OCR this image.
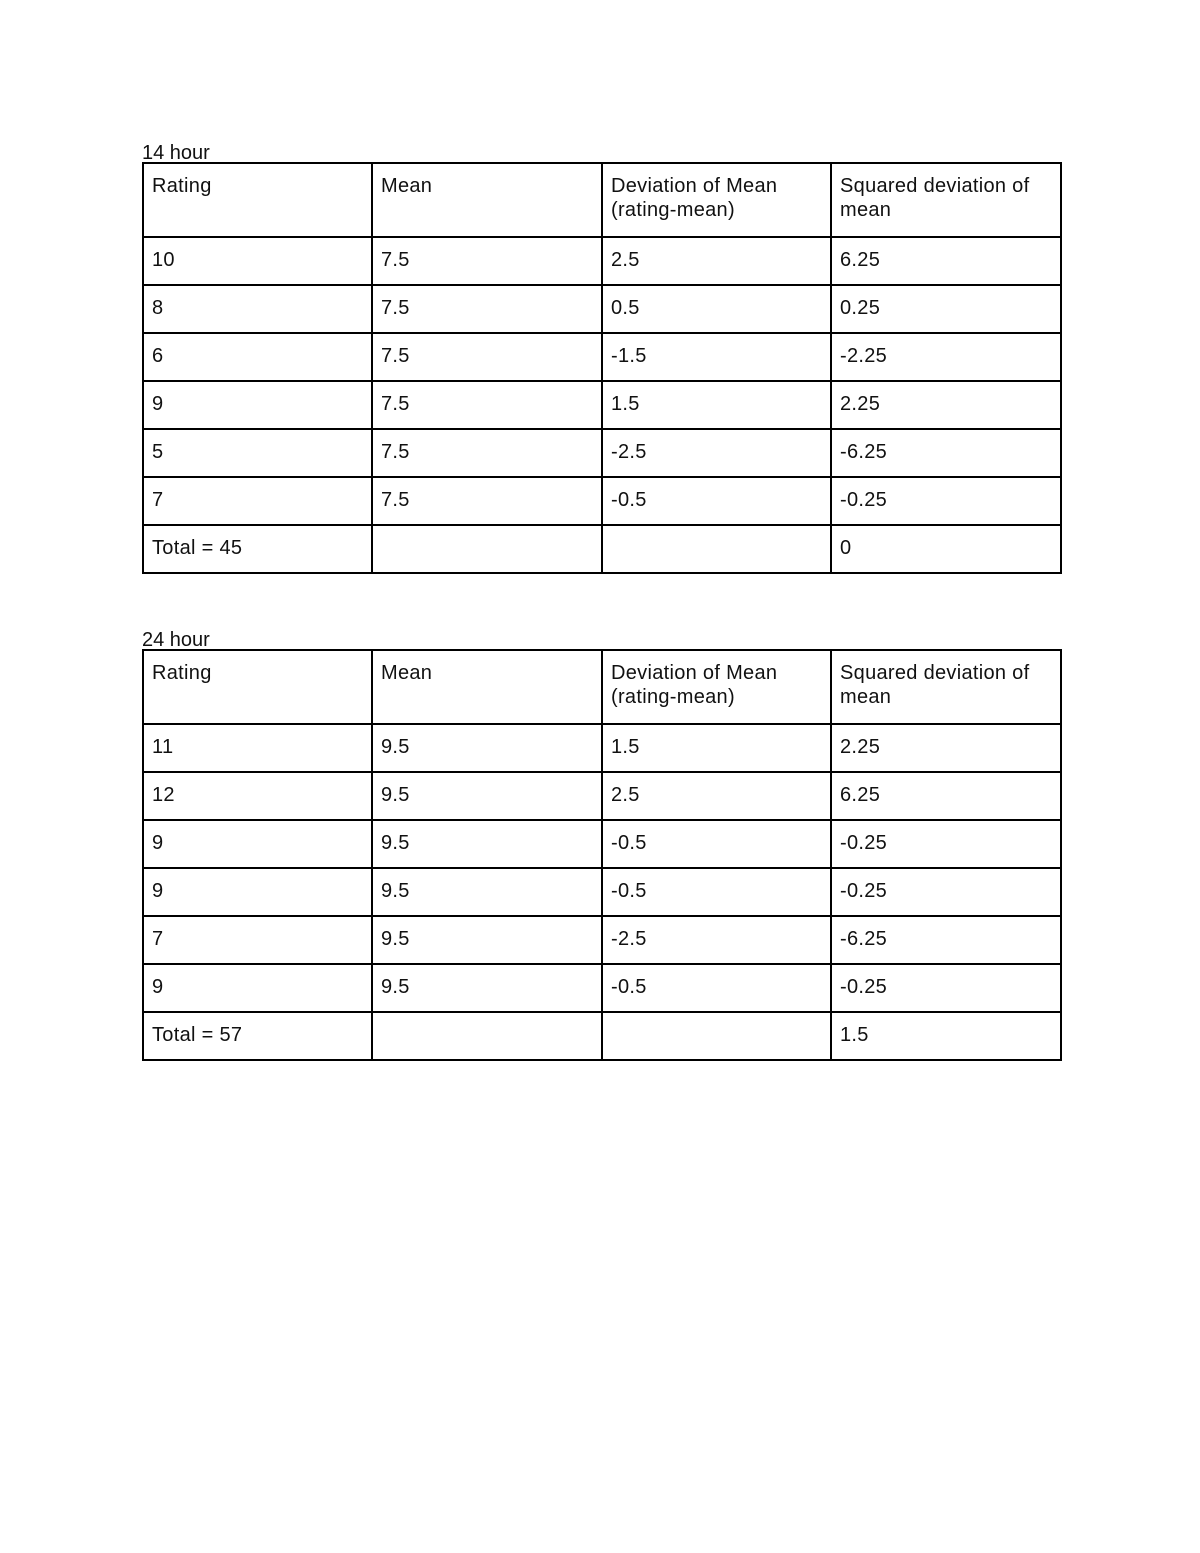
14 hour
Rating	Mean	Deviation of Mean (rating-mean)	Squared deviation of mean
10	7.5	2.5	6.25
8	7.5	0.5	0.25
6	7.5	-1.5	-2.25
9	7.5	1.5	2.25
5	7.5	-2.5	-6.25
7	7.5	-0.5	-0.25
Total = 45			0
24 hour
Rating	Mean	Deviation of Mean (rating-mean)	Squared deviation of mean
11	9.5	1.5	2.25
12	9.5	2.5	6.25
9	9.5	-0.5	-0.25
9	9.5	-0.5	-0.25
7	9.5	-2.5	-6.25
9	9.5	-0.5	-0.25
Total = 57			1.5
